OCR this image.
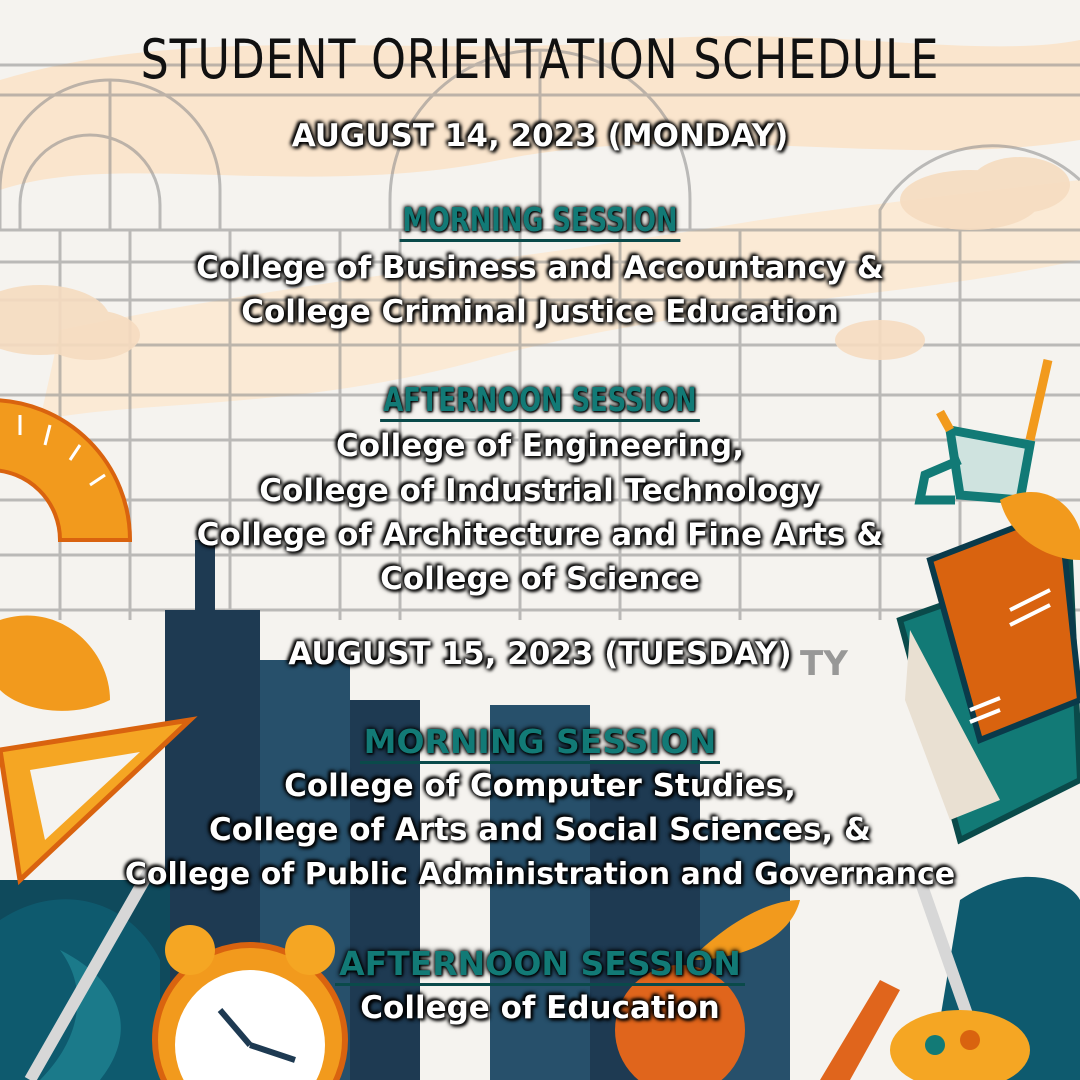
TY
STUDENT ORIENTATION SCHEDULE
AUGUST 14, 2023 (MONDAY)
MORNING SESSION
College of Business and Accountancy &
College Criminal Justice Education
AFTERNOON SESSION
College of Engineering,
College of Industrial Technology
College of Architecture and Fine Arts &
College of Science
AUGUST 15, 2023 (TUESDAY)
MORNING SESSION
College of Computer Studies,
College of Arts and Social Sciences, &
College of Public Administration and Governance
AFTERNOON SESSION
College of Education
